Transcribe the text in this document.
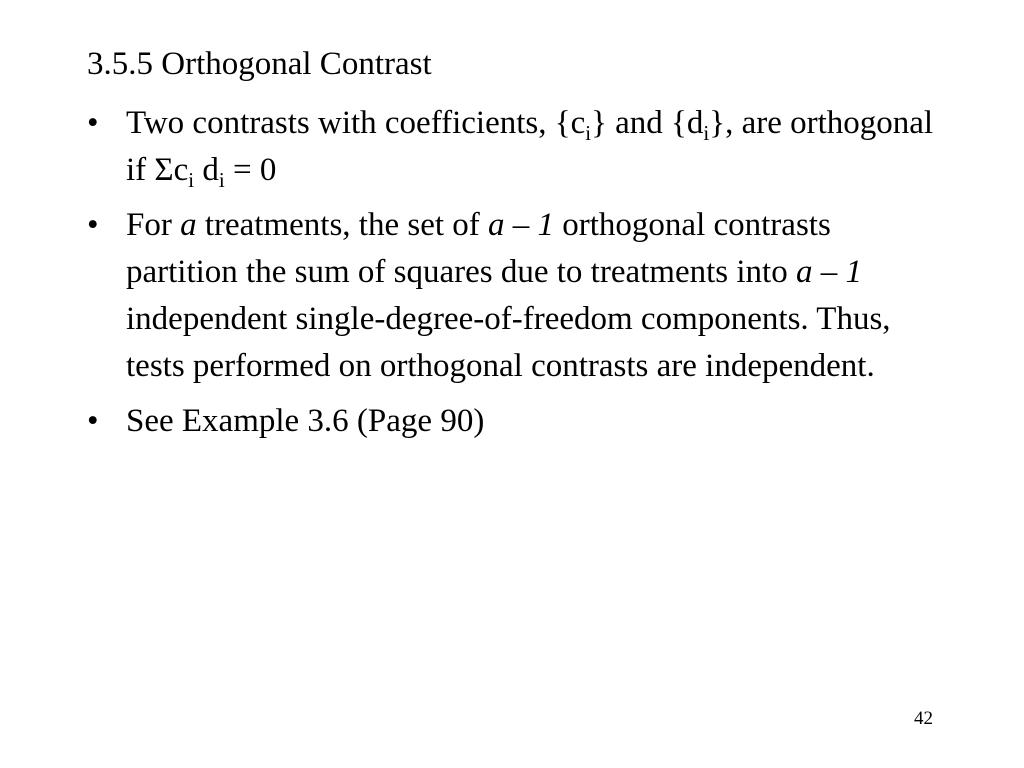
3.5.5 Orthogonal Contrast
• Two contrasts with coefficients, $\{c_i\}$ and $\{d_i\}$, are orthogonal if $\Sigma c_i$ $d_i = 0$
• For a treatments, the set of a – 1 orthogonal contrasts partition the sum of squares due to treatments into a – 1 independent single-degree-of-freedom components. Thus, tests performed on orthogonal contrasts are independent.
• See Example 3.6 (Page 90)
42
